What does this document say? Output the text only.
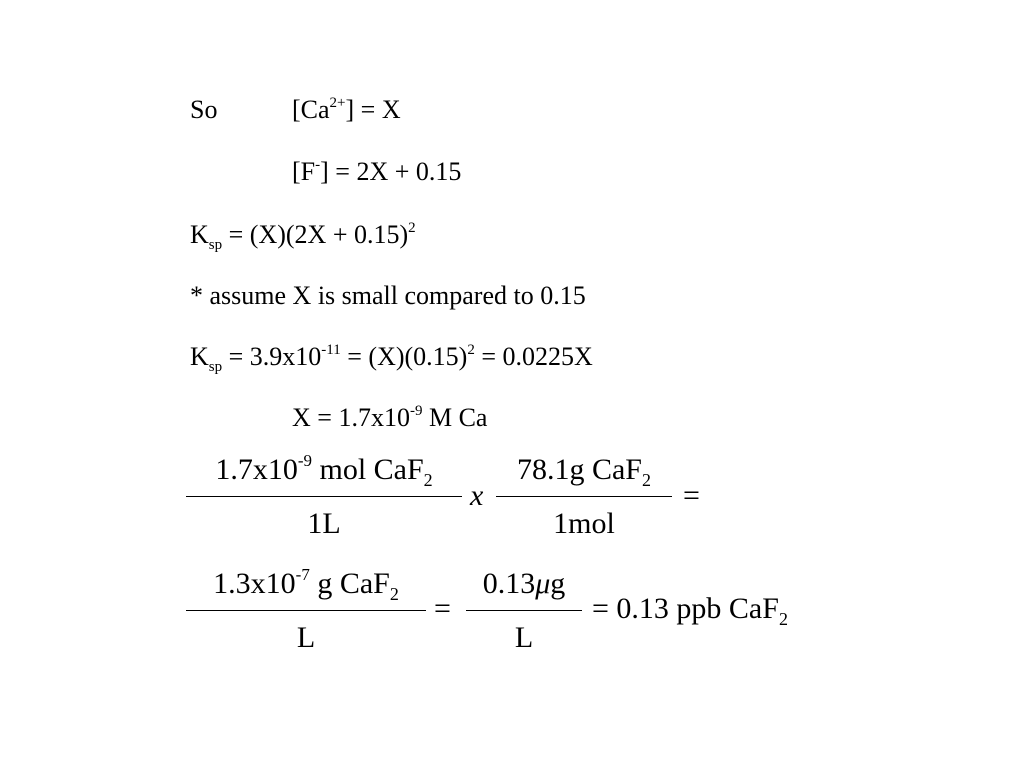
So	$[Ca^{2+}] = X$
[F-] = 2X + 0.15
$K_{sp} = (X)(2X + 0.15)^2$
* assume X is small compared to 0.15
$K_{sp} = 3.9x10^{-11} = (X)(0.15)^2 = 0.0225X$
$X = 1.7x10^{-9}$ M Ca
$1.7x10^{-9}$ mol CaF$_2$
1L
x
78.1g CaF$_2$
1mol
=
$1.3x10^{-7}$ g CaF$_2$
L
=
0.13μg
L
= 0.13 ppb CaF$_2$
